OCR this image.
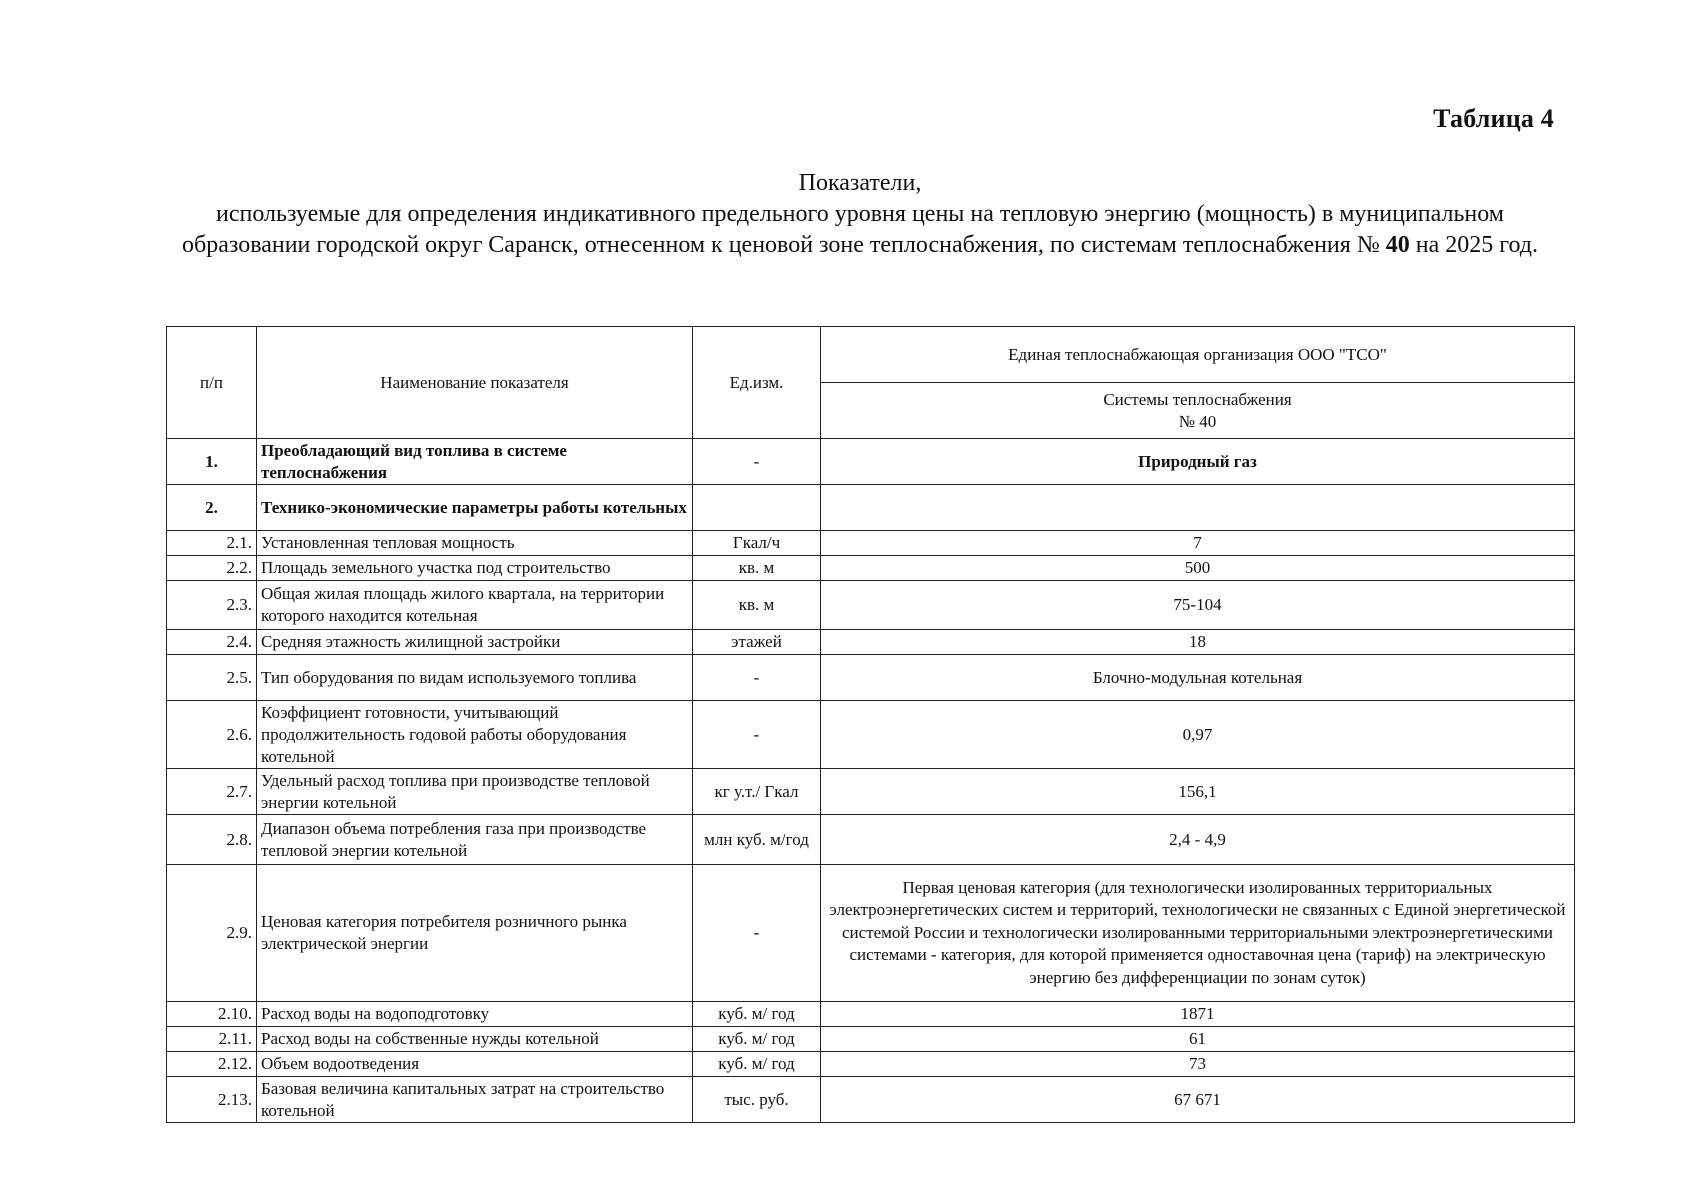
Таблица 4
Показатели,
используемые для определения индикативного предельного уровня цены на тепловую энергию (мощность) в муниципальном образовании городской округ Саранск, отнесенном к ценовой зоне теплоснабжения, по системам теплоснабжения № 40 на 2025 год.
п/п	Наименование показателя	Ед.изм.	Единая теплоснабжающая организация ООО "ТСО"
			Системы теплоснабжения
№ 40
1.	Преобладающий вид топлива в системе теплоснабжения	-	Природный газ
2.	Технико-экономические параметры работы котельных		
2.1.	Установленная тепловая мощность	Гкал/ч	7
2.2.	Площадь земельного участка под строительство	кв. м	500
2.3.	Общая жилая площадь жилого квартала, на территории которого находится котельная	кв. м	75-104
2.4.	Средняя этажность жилищной застройки	этажей	18
2.5.	Тип оборудования по видам используемого топлива	-	Блочно-модульная котельная
2.6.	Коэффициент готовности, учитывающий продолжительность годовой работы оборудования котельной	-	0,97
2.7.	Удельный расход топлива при производстве тепловой энергии котельной	кг у.т./ Гкал	156,1
2.8.	Диапазон объема потребления газа при производстве тепловой энергии котельной	млн куб. м/год	2,4 - 4,9
2.9.	Ценовая категория потребителя розничного рынка электрической энергии	-	Первая ценовая категория (для технологически изолированных территориальных электроэнергетических систем и территорий, технологически не связанных с Единой энергетической системой России и технологически изолированными территориальными электроэнергетическими системами - категория, для которой применяется одноставочная цена (тариф) на электрическую энергию без дифференциации по зонам суток)
2.10.	Расход воды на водоподготовку	куб. м/ год	1871
2.11.	Расход воды на собственные нужды котельной	куб. м/ год	61
2.12.	Объем водоотведения	куб. м/ год	73
2.13.	Базовая величина капитальных затрат на строительство котельной	тыс. руб.	67 671
